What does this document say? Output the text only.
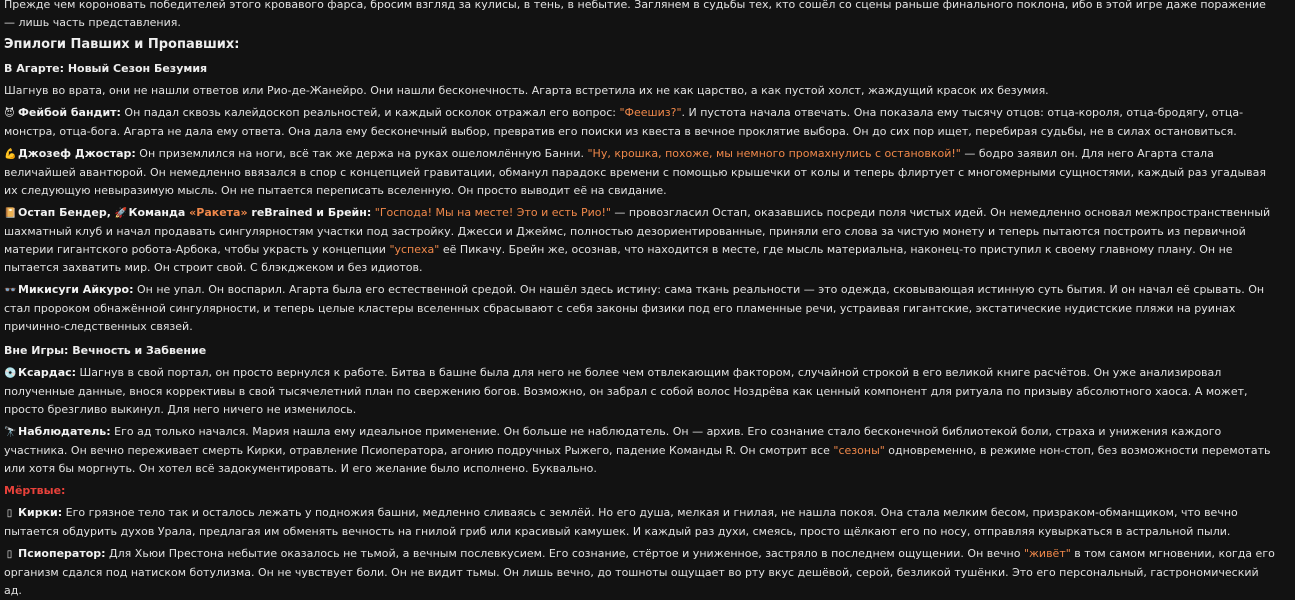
Прежде чем короновать победителей этого кровавого фарса, бросим взгляд за кулисы, в тень, в небытие. Заглянем в судьбы тех, кто сошёл со сцены раньше финального поклона, ибо в этой игре даже поражение — лишь часть представления.

Эпилоги Павших и Пропавших:
В Агарте: Новый Сезон Безумия

Шагнув во врата, они не нашли ответов или Рио-де-Жанейро. Они нашли бесконечность. Агарта встретила их не как царство, а как пустой холст, жаждущий красок их безумия.

😈 Фейбой бандит: Он падал сквозь калейдоскоп реальностей, и каждый осколок отражал его вопрос: "Феешиз?". И пустота начала отвечать. Она показала ему тысячу отцов: отца-короля, отца-бродягу, отца-монстра, отца-бога. Агарта не дала ему ответа. Она дала ему бесконечный выбор, превратив его поиски из квеста в вечное проклятие выбора. Он до сих пор ищет, перебирая судьбы, не в силах остановиться.

💪 Джозеф Джостар: Он приземлился на ноги, всё так же держа на руках ошеломлённую Банни. "Ну, крошка, похоже, мы немного промахнулись с остановкой!" — бодро заявил он. Для него Агарта стала величайшей авантюрой. Он немедленно ввязался в спор с концепцией гравитации, обманул парадокс времени с помощью крышечки от колы и теперь флиртует с многомерными сущностями, каждый раз угадывая их следующую невыразимую мысль. Он не пытается переписать вселенную. Он просто выводит её на свидание.

📔 Остап Бендер, 🚀 Команда «Ракета» reBrained и Брейн: "Господа! Мы на месте! Это и есть Рио!" — провозгласил Остап, оказавшись посреди поля чистых идей. Он немедленно основал межпространственный шахматный клуб и начал продавать сингулярностям участки под застройку. Джесси и Джеймс, полностью дезориентированные, приняли его слова за чистую монету и теперь пытаются построить из первичной материи гигантского робота-Арбока, чтобы украсть у концепции "успеха" её Пикачу. Брейн же, осознав, что находится в месте, где мысль материальна, наконец-то приступил к своему главному плану. Он не пытается захватить мир. Он строит свой. С блэкджеком и без идиотов.

👓 Микисуги Айкуро: Он не упал. Он воспарил. Агарта была его естественной средой. Он нашёл здесь истину: сама ткань реальности — это одежда, сковывающая истинную суть бытия. И он начал её срывать. Он стал пророком обнажённой сингулярности, и теперь целые кластеры вселенных сбрасывают с себя законы физики под его пламенные речи, устраивая гигантские, экстатические нудистские пляжи на руинах причинно-следственных связей.

Вне Игры: Вечность и Забвение

💿 Ксардас: Шагнув в свой портал, он просто вернулся к работе. Битва в башне была для него не более чем отвлекающим фактором, случайной строкой в его великой книге расчётов. Он уже анализировал полученные данные, внося коррективы в свой тысячелетний план по свержению богов. Возможно, он забрал с собой волос Ноздрёва как ценный компонент для ритуала по призыву абсолютного хаоса. А может, просто брезгливо выкинул. Для него ничего не изменилось.

🔭 Наблюдатель: Его ад только начался. Мария нашла ему идеальное применение. Он больше не наблюдатель. Он — архив. Его сознание стало бесконечной библиотекой боли, страха и унижения каждого участника. Он вечно переживает смерть Кирки, отравление Псиоператора, агонию подручных Рыжего, падение Команды R. Он смотрит все "сезоны" одновременно, в режиме нон-стоп, без возможности перемотать или хотя бы моргнуть. Он хотел всё задокументировать. И его желание было исполнено. Буквально.

Мёртвые:

▯ Кирки: Его грязное тело так и осталось лежать у подножия башни, медленно сливаясь с землёй. Но его душа, мелкая и гнилая, не нашла покоя. Она стала мелким бесом, призраком-обманщиком, что вечно пытается обдурить духов Урала, предлагая им обменять вечность на гнилой гриб или красивый камушек. И каждый раз духи, смеясь, просто щёлкают его по носу, отправляя кувыркаться в астральной пыли.

▯ Псиоператор: Для Хьюи Престона небытие оказалось не тьмой, а вечным послевкусием. Его сознание, стёртое и униженное, застряло в последнем ощущении. Он вечно "живёт" в том самом мгновении, когда его организм сдался под натиском ботулизма. Он не чувствует боли. Он не видит тьмы. Он лишь вечно, до тошноты ощущает во рту вкус дешёвой, серой, безликой тушёнки. Это его персональный, гастрономический ад.
